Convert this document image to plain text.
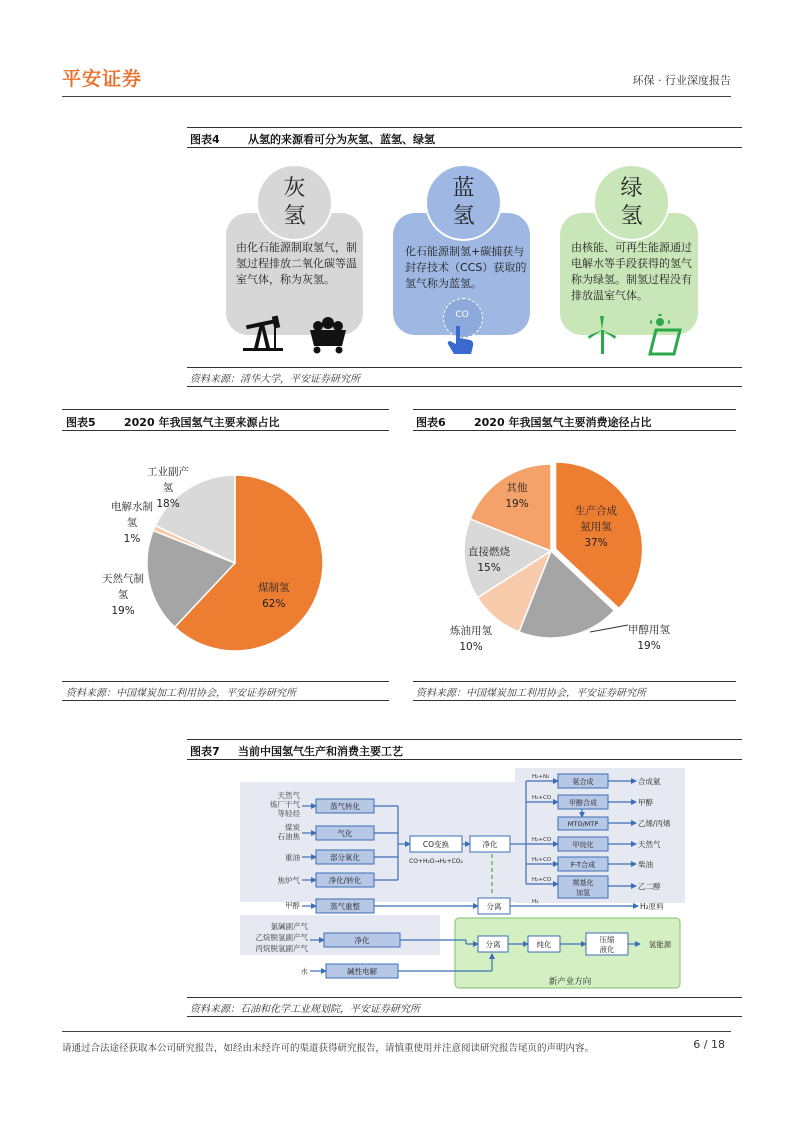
平安证券	环保 · 行业深度报告
图表4	从氢的来源看可分为灰氢、蓝氢、绿氢
灰
氢
由化石能源制取氢气，制氢过程排放二氧化碳等温室气体，称为灰氢。
蓝
氢
化石能源制氢+碳捕获与封存技术（CCS）获取的氢气称为蓝氢。
CO
绿
氢
由核能、可再生能源通过电解水等手段获得的氢气称为绿氢。制氢过程没有排放温室气体。
资料来源：清华大学，平安证券研究所
图表5	2020 年我国氢气主要来源占比	图表6	2020 年我国氢气主要消费途径占比
煤制氢
62%
天然气制
氢
19%
电解水制
氢
1%
工业副产
氢
18%
生产合成
氨用氢
37%
甲醇用氢
19%
炼油用氢
10%
直接燃烧
15%
其他
19%
资料来源：中国煤炭加工利用协会，平安证券研究所	资料来源：中国煤炭加工利用协会，平安证券研究所
图表7 当前中国氢气生产和消费主要工艺
天然气
炼厂干气
等轻烃
煤炭
石油焦
重油
焦炉气
甲醇
氯碱副产气
乙烷脱氢副产气
丙烷脱氢副产气
水
蒸气转化
气化
部分氧化
净化/转化
蒸气重整
净化
碱性电解
CO变换
CO+H₂O→H₂+CO₂
净化
分离
分离	纯化
压缩
液化
氢能源
新产业方向
氨合成
甲醇合成
MTO/MTP
甲烷化
F-T合成
羰基化
加氢
H₂+N₂
H₂+CO
H₂+CO
H₂+CO
H₂+CO
H₂
合成氨
甲醇
乙烯/丙烯
天然气
柴油
乙二醇
H₂原料
资料来源：石油和化学工业规划院，平安证券研究所
请通过合法途径获取本公司研究报告，如经由未经许可的渠道获得研究报告，请慎重使用并注意阅读研究报告尾页的声明内容。	6 / 18
